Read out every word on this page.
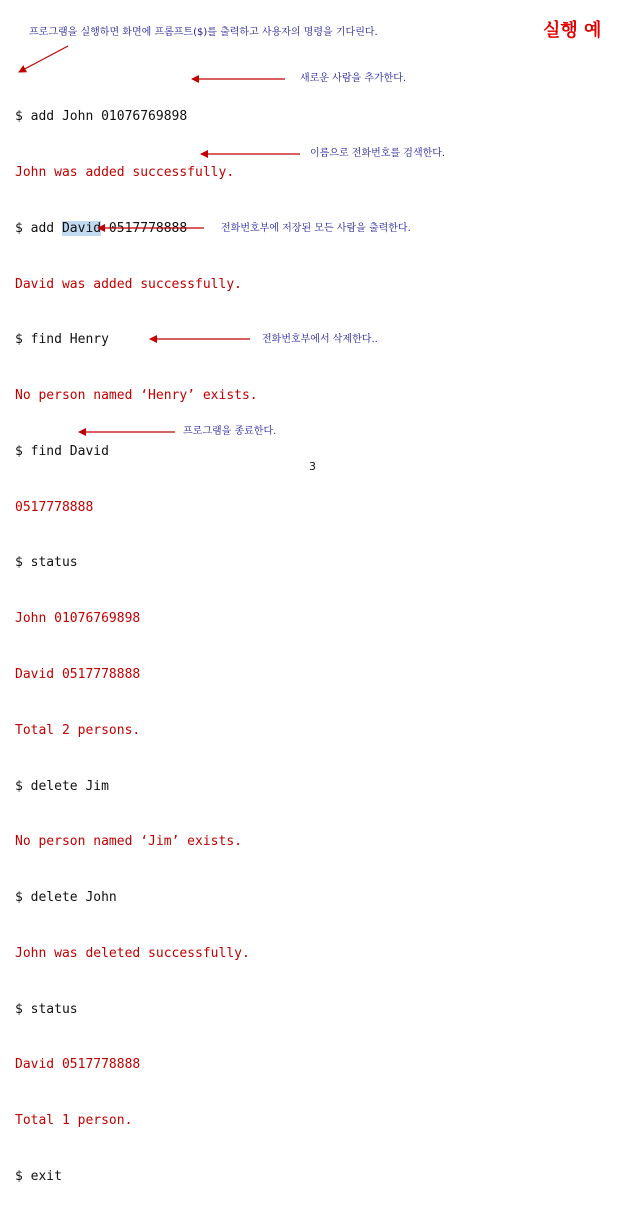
실행 예
프로그램을 실행하면 화면에 프롬프트($)를 출력하고 사용자의 명령을 기다린다.

$ add John 01076769898

John was added successfully.

$ add David 0517778888

David was added successfully.

$ find Henry

No person named ‘Henry’ exists.

$ find David

0517778888

$ status

John 01076769898

David 0517778888

Total 2 persons.

$ delete Jim

No person named ‘Jim’ exists.

$ delete John

John was deleted successfully.

$ status

David 0517778888

Total 1 person.

$ exit

새로운 사람을 추가한다.
이름으로 전화번호를 검색한다.
전화번호부에 저장된 모든 사람을 출력한다.
전화번호부에서 삭제한다..
프로그램을 종료한다.
3
